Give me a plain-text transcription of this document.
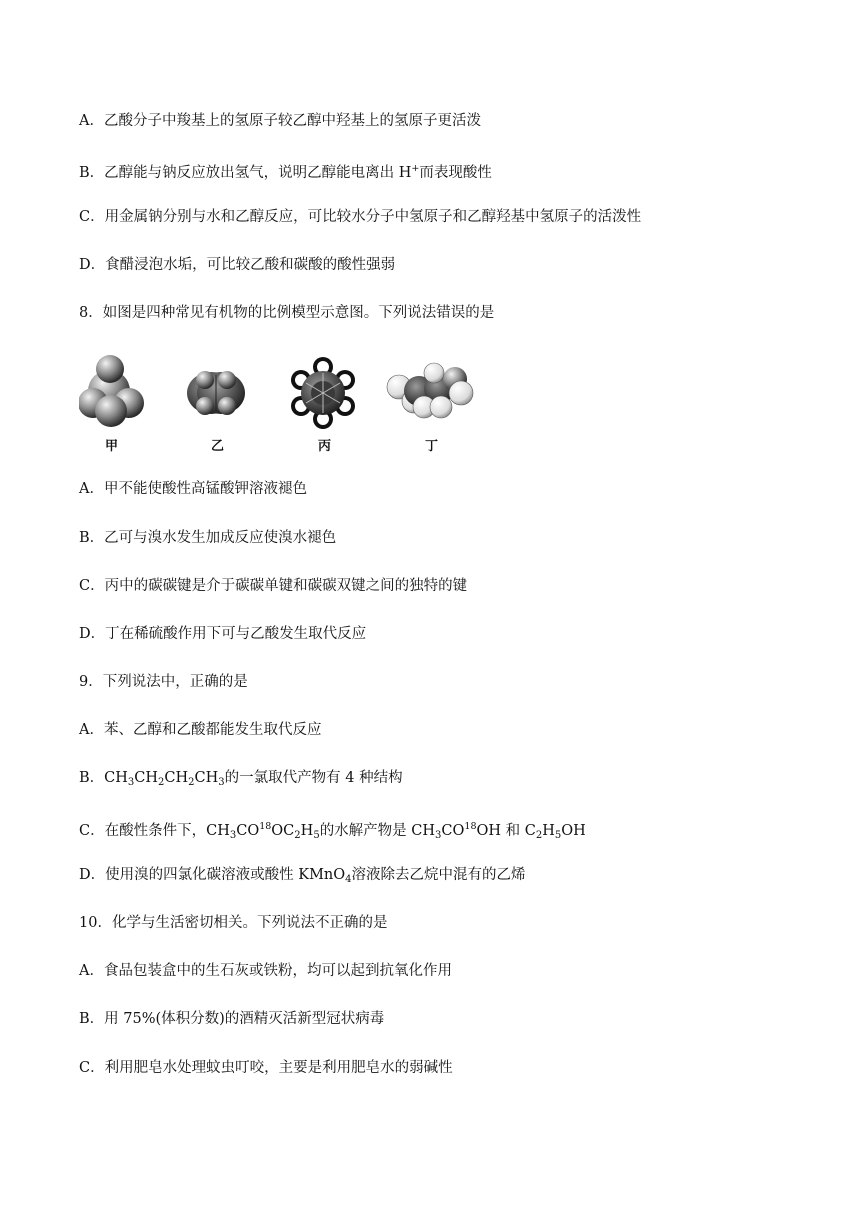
A．乙酸分子中羧基上的氢原子较乙醇中羟基上的氢原子更活泼
B．乙醇能与钠反应放出氢气，说明乙醇能电离出 H+而表现酸性
C．用金属钠分别与水和乙醇反应，可比较水分子中氢原子和乙醇羟基中氢原子的活泼性
D．食醋浸泡水垢，可比较乙酸和碳酸的酸性强弱
8．如图是四种常见有机物的比例模型示意图。下列说法错误的是
甲	乙	丙	丁
A．甲不能使酸性高锰酸钾溶液褪色
B．乙可与溴水发生加成反应使溴水褪色
C．丙中的碳碳键是介于碳碳单键和碳碳双键之间的独特的键
D．丁在稀硫酸作用下可与乙酸发生取代反应
9．下列说法中，正确的是
A．苯、乙醇和乙酸都能发生取代反应
B．$CH_3CH_2CH_2CH_3$的一氯取代产物有 4 种结构
C．在酸性条件下，$CH_3CO^{18}OC_2H_5$的水解产物是 $CH_3CO^{18}OH$ 和 $C_2H_5OH$
D．使用溴的四氯化碳溶液或酸性 KMnO$_4$溶液除去乙烷中混有的乙烯
10．化学与生活密切相关。下列说法不正确的是
A．食品包装盒中的生石灰或铁粉，均可以起到抗氧化作用
B．用 75%(体积分数)的酒精灭活新型冠状病毒
C．利用肥皂水处理蚊虫叮咬，主要是利用肥皂水的弱碱性
